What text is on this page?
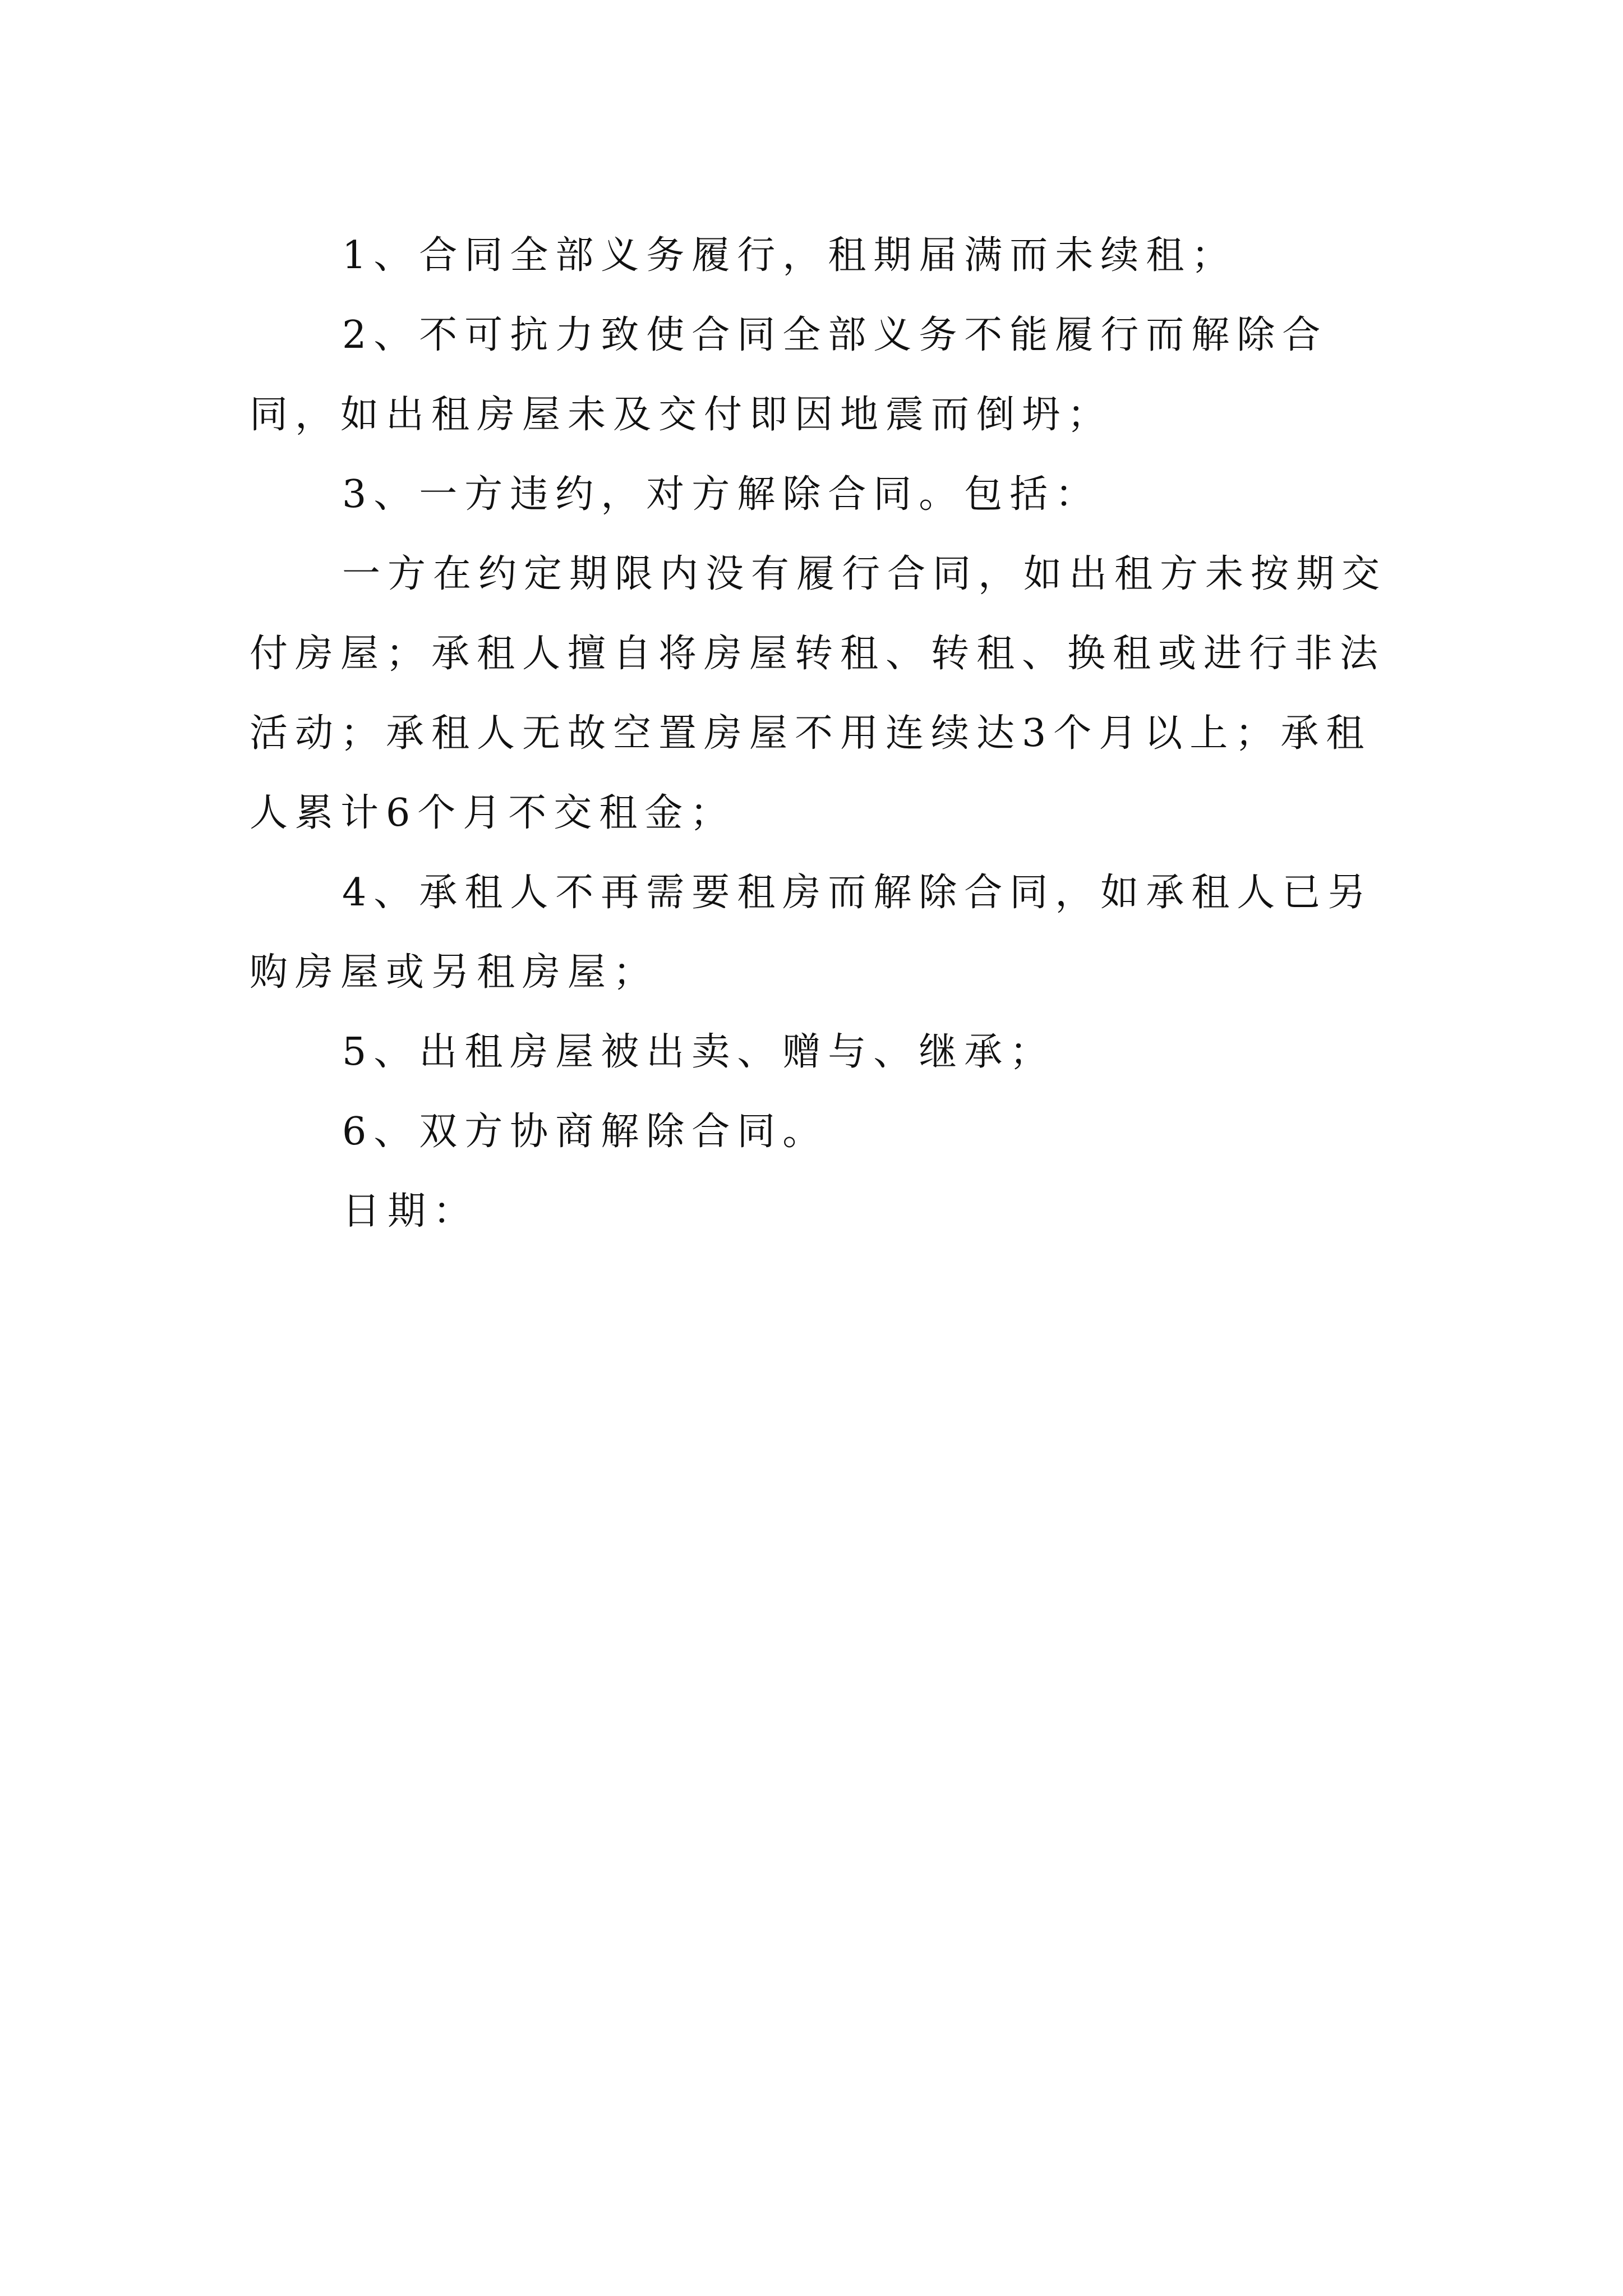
1、合同全部义务履行，租期届满而未续租；

2、不可抗力致使合同全部义务不能履行而解除合同，如出租房屋未及交付即因地震而倒坍；

3、一方违约，对方解除合同。包括：

一方在约定期限内没有履行合同，如出租方未按期交付房屋；承租人擅自将房屋转租、转租、换租或进行非法活动；承租人无故空置房屋不用连续达3个月以上；承租人累计6个月不交租金；

4、承租人不再需要租房而解除合同，如承租人已另购房屋或另租房屋；

5、出租房屋被出卖、赠与、继承；

6、双方协商解除合同。

日期：
